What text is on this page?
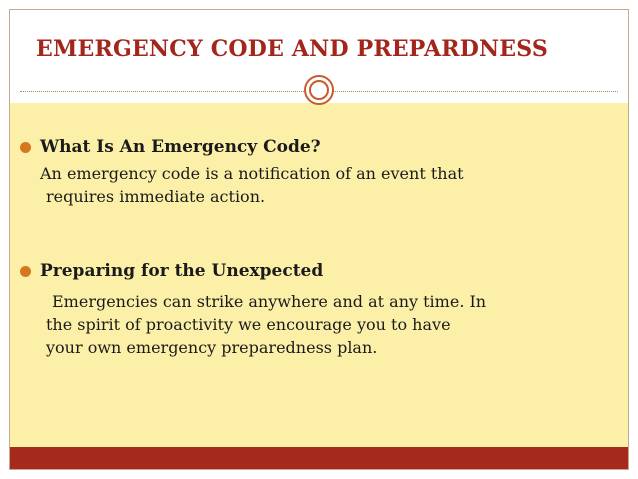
EMERGENCY CODE AND PREPARDNESS
What Is An Emergency Code?
An emergency code is a notification of an event that
requires immediate action.
Preparing for the Unexpected
Emergencies can strike anywhere and at any time. In
the spirit of proactivity we encourage you to have
your own emergency preparedness plan.
